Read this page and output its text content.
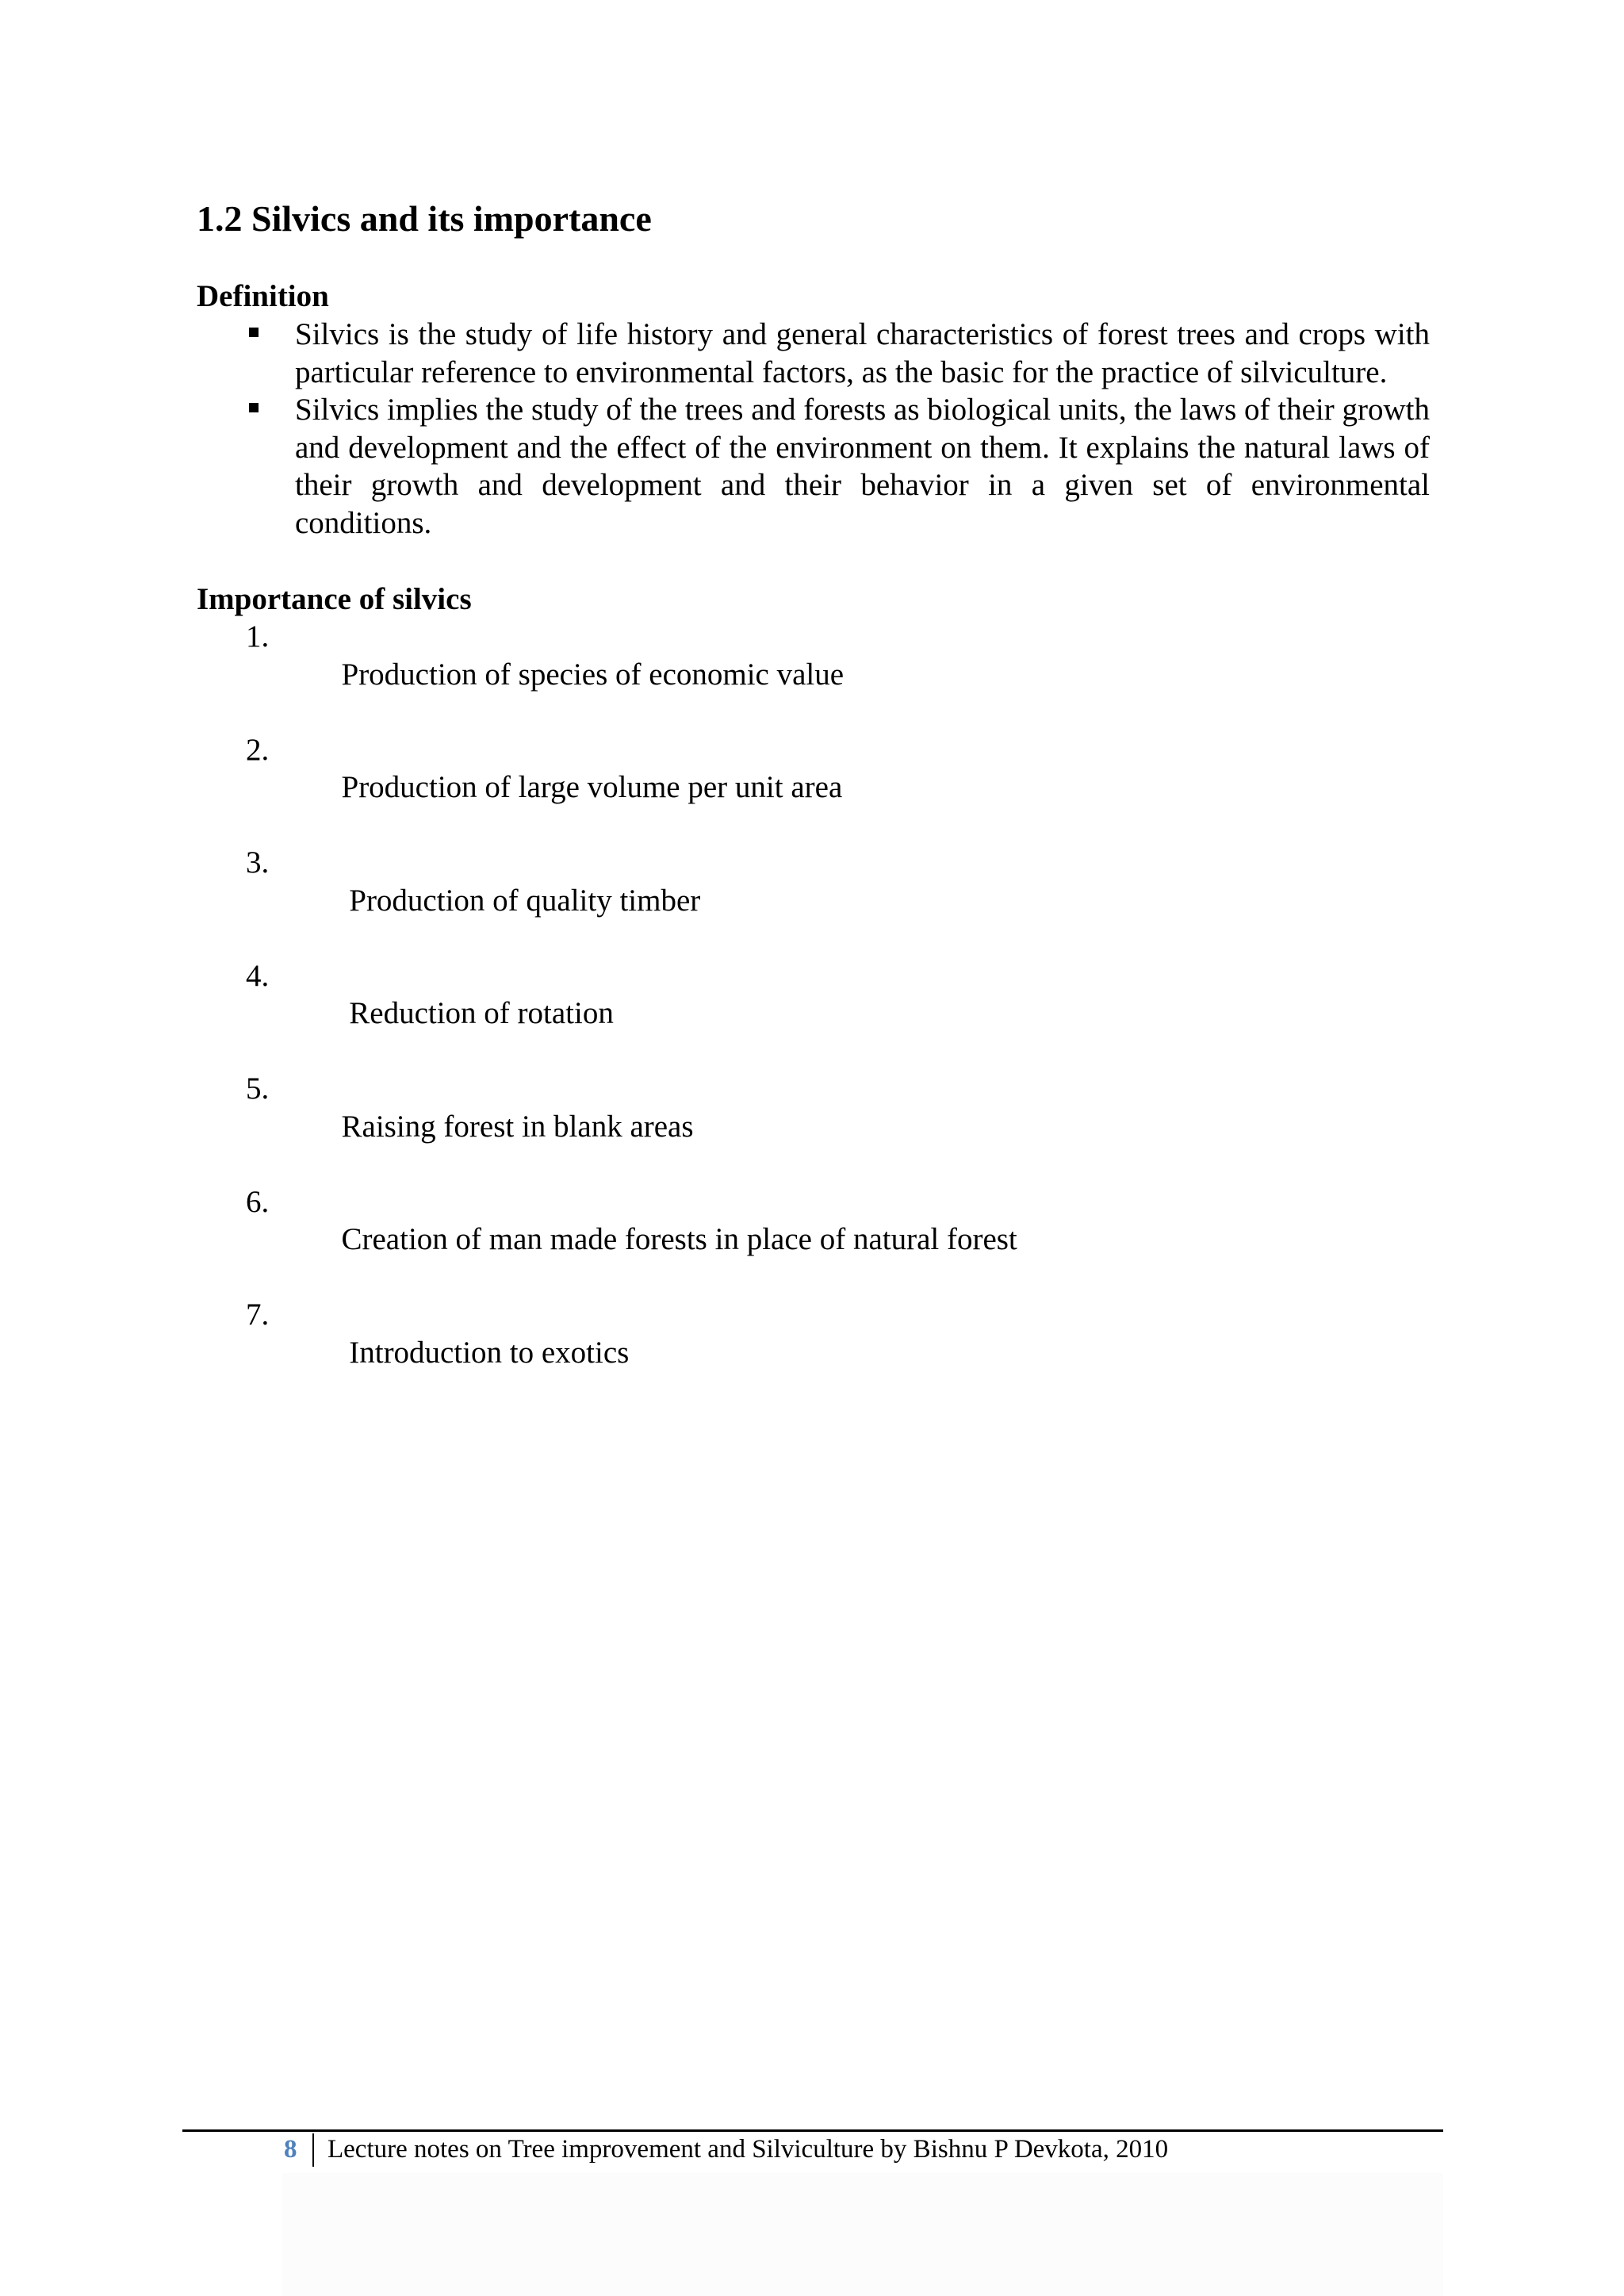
1.2 Silvics and its importance
Definition
Silvics is the study of life history and general characteristics of forest trees and crops with particular reference to environmental factors, as the basic for the practice of silviculture.
Silvics implies the study of the trees and forests as biological units, the laws of their growth and development and the effect of the environment on them. It explains the natural laws of their growth and development and their behavior in a given set of environmental conditions.
Importance of silvics

1.
Production of species of economic value

2.
Production of large volume per unit area

3.
Production of quality timber

4.
Reduction of rotation

5.
Raising forest in blank areas

6.
Creation of man made forests in place of natural forest

7.
Introduction to exotics

8 Lecture notes on Tree improvement and Silviculture by Bishnu P Devkota, 2010
